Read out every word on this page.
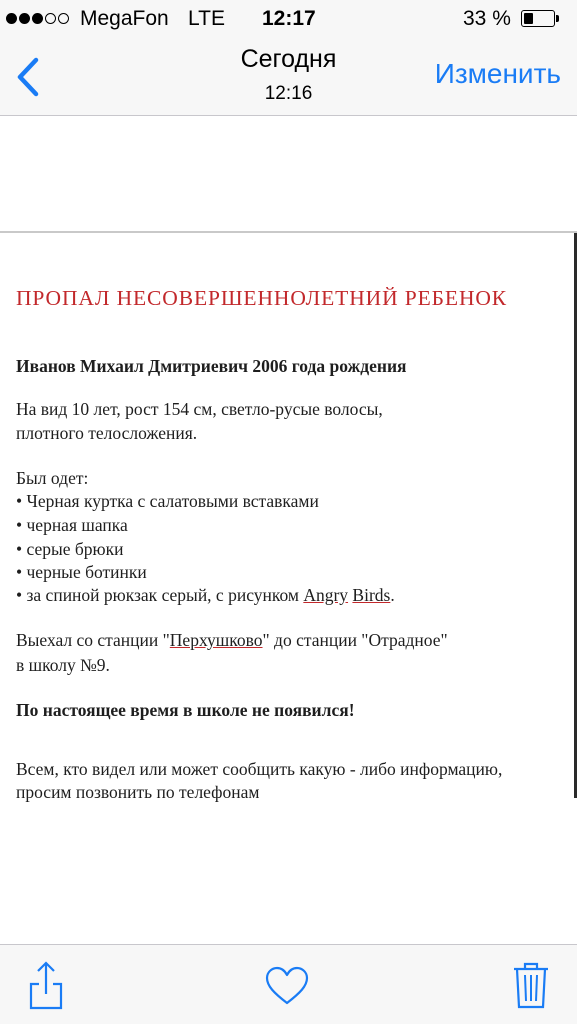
MegaFon LTE 12:17	33 %
Сегодня
12:16
Изменить
ПРОПАЛ НЕСОВЕРШЕННОЛЕТНИЙ РЕБЕНОК
Иванов Михаил Дмитриевич 2006 года рождения
На вид 10 лет, рост 154 см, светло-русые волосы,
плотного телосложения.
Был одет:
• Черная куртка с салатовыми вставками
• черная шапка
• серые брюки
• черные ботинки
• за спиной рюкзак серый, с рисунком Angry Birds.
Выехал со станции "Перхушково" до станции "Отрадное"
в школу №9.
По настоящее время в школе не появился!
Всем, кто видел или может сообщить какую - либо информацию,
просим позвонить по телефонам
